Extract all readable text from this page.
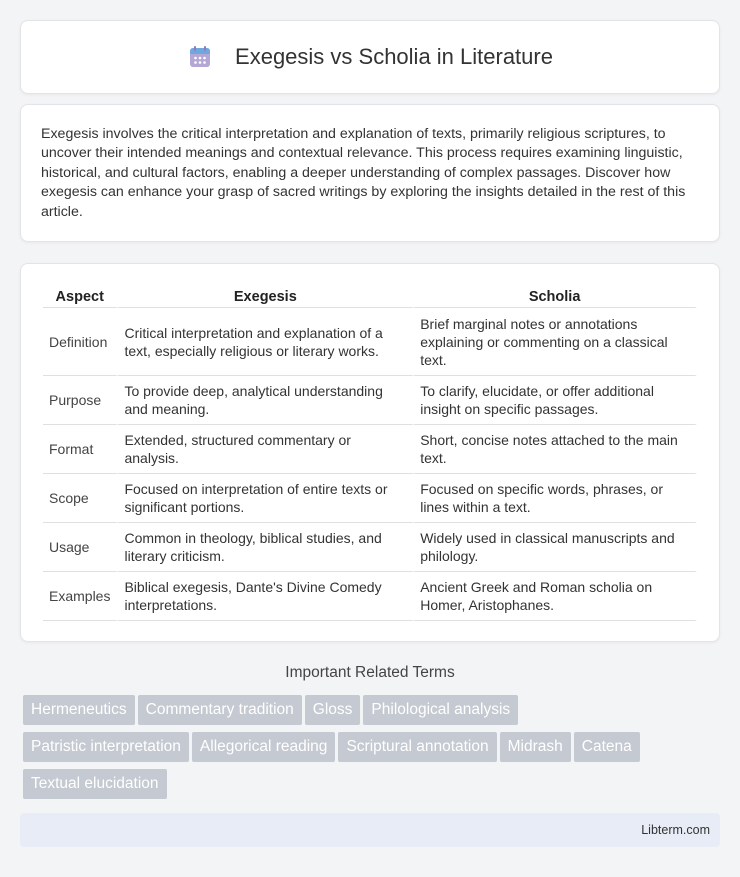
Exegesis vs Scholia in Literature

Exegesis involves the critical interpretation and explanation of texts, primarily religious scriptures, to uncover their intended meanings and contextual relevance. This process requires examining linguistic, historical, and cultural factors, enabling a deeper understanding of complex passages. Discover how exegesis can enhance your grasp of sacred writings by exploring the insights detailed in the rest of this article.

Aspect	Exegesis	Scholia
Definition	Critical interpretation and explanation of a text, especially religious or literary works.	Brief marginal notes or annotations explaining or commenting on a classical text.
Purpose	To provide deep, analytical understanding and meaning.	To clarify, elucidate, or offer additional insight on specific passages.
Format	Extended, structured commentary or analysis.	Short, concise notes attached to the main text.
Scope	Focused on interpretation of entire texts or significant portions.	Focused on specific words, phrases, or lines within a text.
Usage	Common in theology, biblical studies, and literary criticism.	Widely used in classical manuscripts and philology.
Examples	Biblical exegesis, Dante's Divine Comedy interpretations.	Ancient Greek and Roman scholia on Homer, Aristophanes.
Important Related Terms
Hermeneutics Commentary tradition Gloss Philological analysis
Patristic interpretation Allegorical reading Scriptural annotation Midrash Catena
Textual elucidation
Libterm.com
